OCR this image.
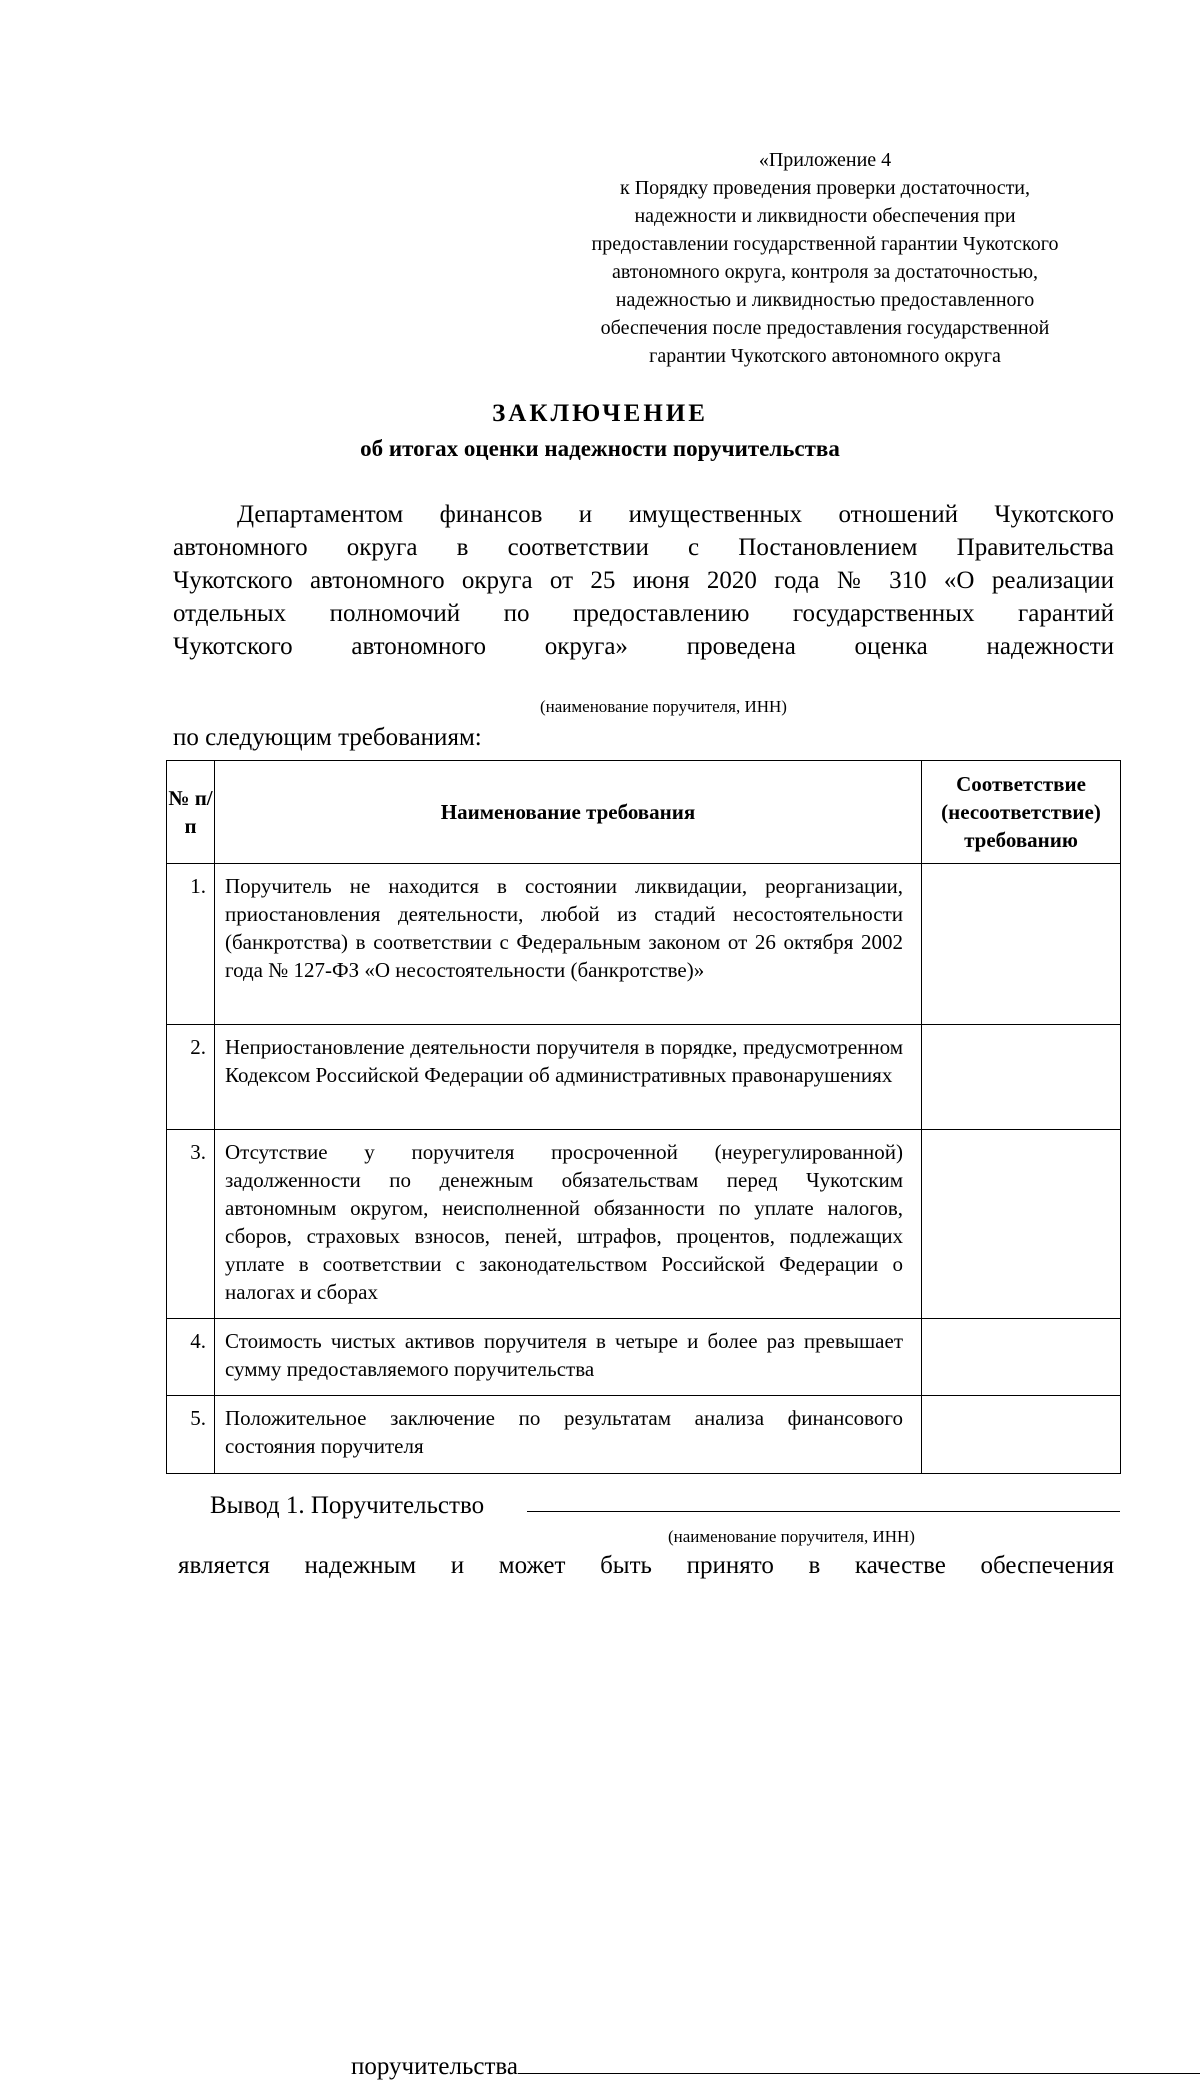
«Приложение 4
к Порядку проведения проверки достаточности,
надежности и ликвидности обеспечения при
предоставлении государственной гарантии Чукотского
автономного округа, контроля за достаточностью,
надежностью и ликвидностью предоставленного
обеспечения после предоставления государственной
гарантии Чукотского автономного округа
ЗАКЛЮЧЕНИЕ
об итогах оценки надежности поручительства
Департаментом финансов и имущественных отношений Чукотского
автономного округа в соответствии с Постановлением Правительства
Чукотского автономного округа от 25 июня 2020 года № 310 «О реализации
отдельных полномочий по предоставлению государственных гарантий
Чукотского автономного округа» проведена оценка надежности
поручительства
(наименование поручителя, ИНН)
по следующим требованиям:
№ п/п	Наименование требования	Соответствие (несоответствие) требованию
1.	Поручитель не находится в состоянии ликвидации, реорганизации, приостановления деятельности, любой из стадий несостоятельности (банкротства) в соответствии с Федеральным законом от 26 октября 2002 года № 127-ФЗ «О несостоятельности (банкротстве)»	
2.	Неприостановление деятельности поручителя в порядке, предусмотренном Кодексом Российской Федерации об административных правонарушениях	
3.	Отсутствие у поручителя просроченной (неурегулированной) задолженности по денежным обязательствам перед Чукотским автономным округом, неисполненной обязанности по уплате налогов, сборов, страховых взносов, пеней, штрафов, процентов, подлежащих уплате в соответствии с законодательством Российской Федерации о налогах и сборах	
4.	Стоимость чистых активов поручителя в четыре и более раз превышает сумму предоставляемого поручительства	
5.	Положительное заключение по результатам анализа финансового состояния поручителя	
Вывод 1. Поручительство
(наименование поручителя, ИНН)
является надежным и может быть принято в качестве обеспечения
